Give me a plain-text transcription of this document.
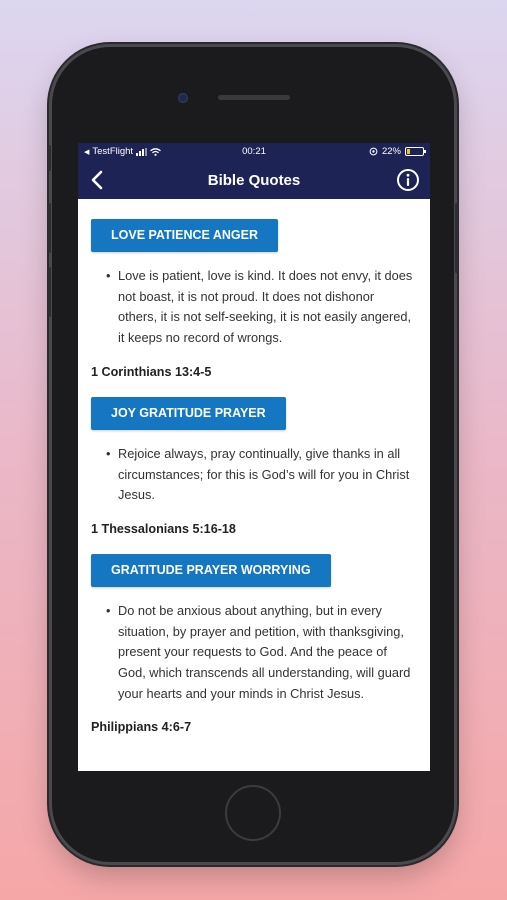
◀ TestFlight	00:21	22%
Bible Quotes
LOVE PATIENCE ANGER
• Love is patient, love is kind. It does not envy, it does not boast, it is not proud. It does not dishonor others, it is not self-seeking, it is not easily angered, it keeps no record of wrongs.
1 Corinthians 13:4-5
JOY GRATITUDE PRAYER
• Rejoice always, pray continually, give thanks in all circumstances; for this is God’s will for you in Christ Jesus.
1 Thessalonians 5:16-18
GRATITUDE PRAYER WORRYING
• Do not be anxious about anything, but in every situation, by prayer and petition, with thanksgiving, present your requests to God. And the peace of God, which transcends all understanding, will guard your hearts and your minds in Christ Jesus.
Philippians 4:6-7
